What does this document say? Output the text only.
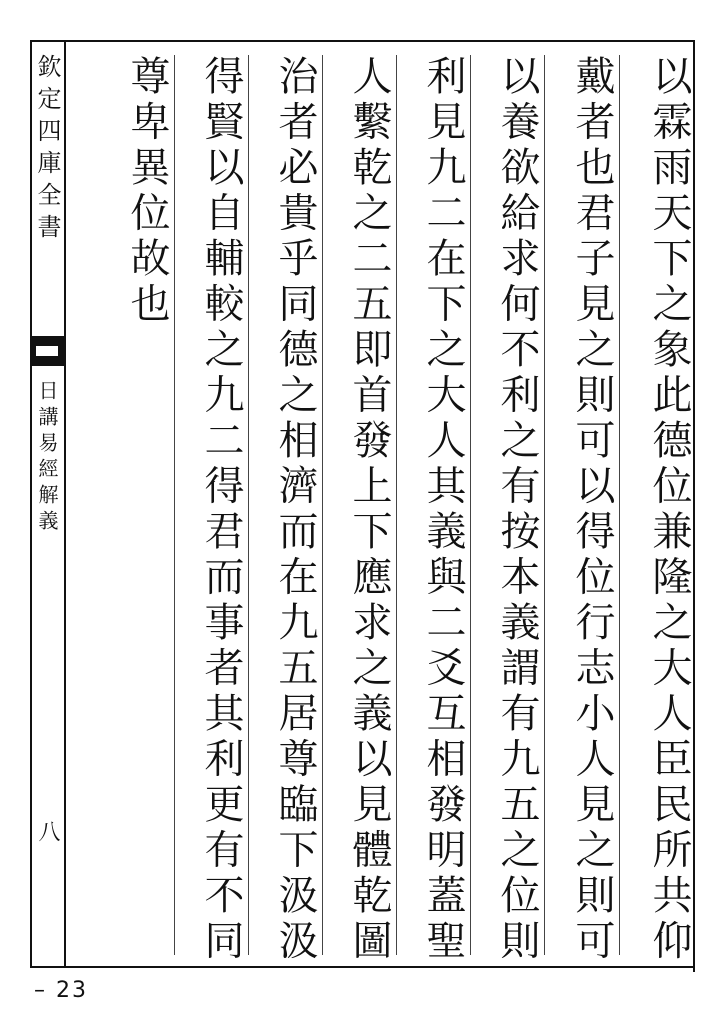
欽定四庫全書
日講易經解義
八	以霖雨天下之象此德位兼隆之大人臣民所共仰
戴者也君子見之則可以得位行志小人見之則可
以養欲給求何不利之有按本義謂有九五之位則
利見九二在下之大人其義與二爻互相發明蓋聖
人繫乾之二五即首發上下應求之義以見體乾圖
治者必貴乎同德之相濟而在九五居尊臨下汲汲
得賢以自輔較之九二得君而事者其利更有不同
尊卑異位故也
– 23
